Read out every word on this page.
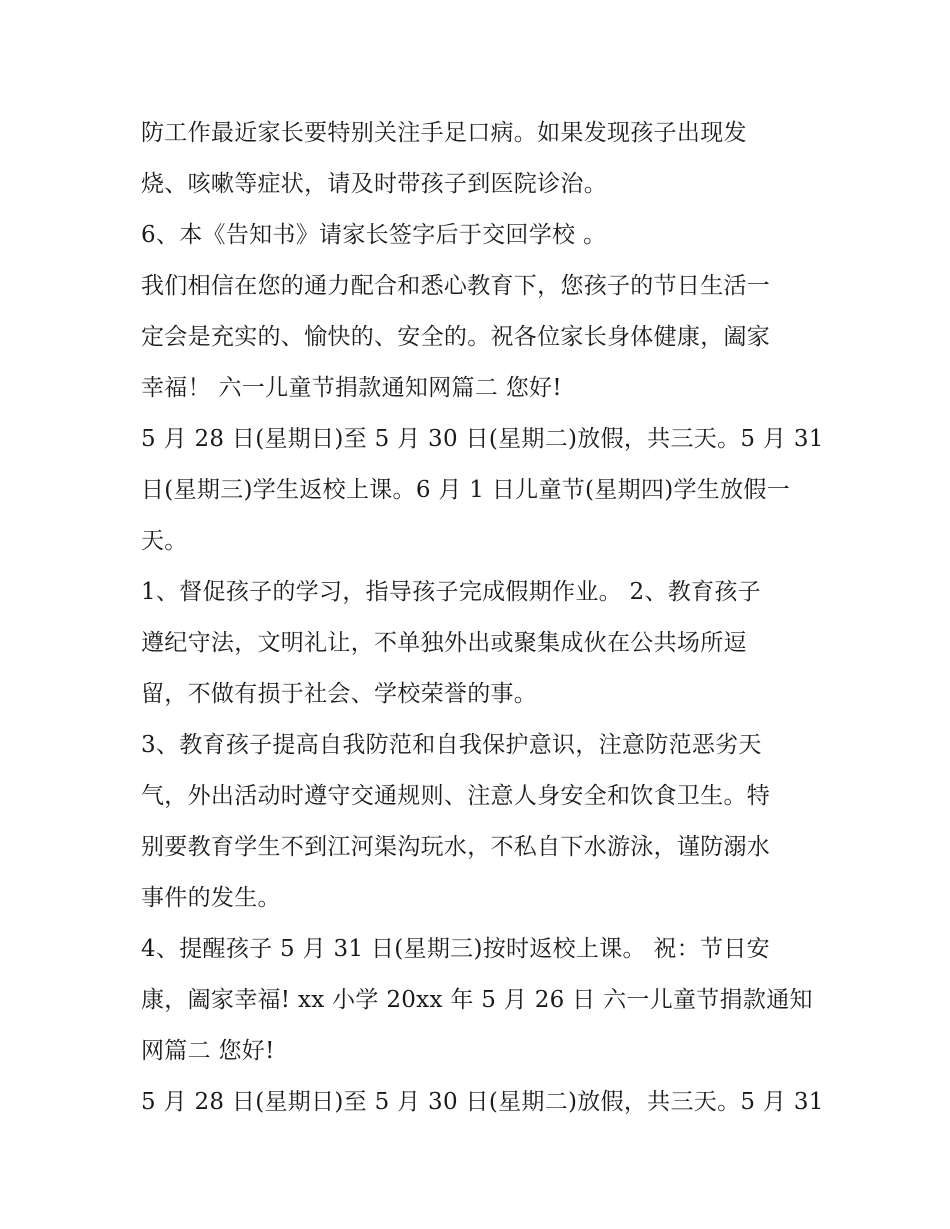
防工作最近家长要特别关注手足口病。如果发现孩子出现发
烧、咳嗽等症状，请及时带孩子到医院诊治。
6、本《告知书》请家长签字后于交回学校 。
我们相信在您的通力配合和悉心教育下，您孩子的节日生活一
定会是充实的、愉快的、安全的。祝各位家长身体健康，阖家
幸福！ 六一儿童节捐款通知网篇二 您好!
5 月 28 日(星期日)至 5 月 30 日(星期二)放假，共三天。5 月 31
日(星期三)学生返校上课。6 月 1 日儿童节(星期四)学生放假一
天。
1、督促孩子的学习，指导孩子完成假期作业。 2、教育孩子
遵纪守法，文明礼让，不单独外出或聚集成伙在公共场所逗
留，不做有损于社会、学校荣誉的事。
3、教育孩子提高自我防范和自我保护意识，注意防范恶劣天
气，外出活动时遵守交通规则、注意人身安全和饮食卫生。特
别要教育学生不到江河渠沟玩水，不私自下水游泳，谨防溺水
事件的发生。
4、提醒孩子 5 月 31 日(星期三)按时返校上课。 祝：节日安
康，阖家幸福! xx 小学 20xx 年 5 月 26 日 六一儿童节捐款通知
网篇二 您好!
5 月 28 日(星期日)至 5 月 30 日(星期二)放假，共三天。5 月 31
